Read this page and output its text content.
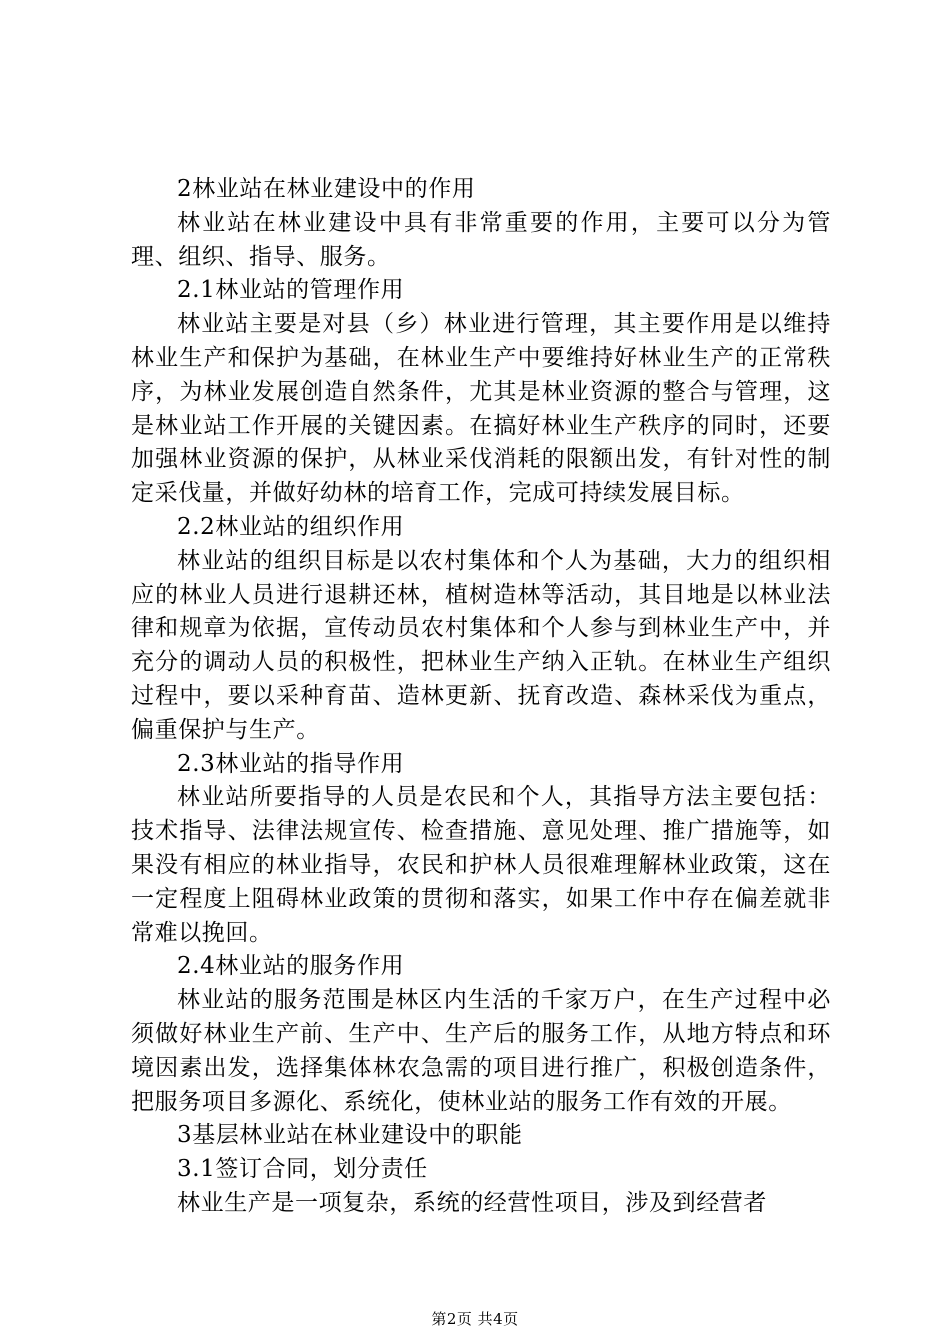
2林业站在林业建设中的作用

林业站在林业建设中具有非常重要的作用，主要可以分为管理、组织、指导、服务。

2.1林业站的管理作用

林业站主要是对县（乡）林业进行管理，其主要作用是以维持林业生产和保护为基础，在林业生产中要维持好林业生产的正常秩序，为林业发展创造自然条件，尤其是林业资源的整合与管理，这是林业站工作开展的关键因素。在搞好林业生产秩序的同时，还要加强林业资源的保护，从林业采伐消耗的限额出发，有针对性的制定采伐量，并做好幼林的培育工作，完成可持续发展目标。

2.2林业站的组织作用

林业站的组织目标是以农村集体和个人为基础，大力的组织相应的林业人员进行退耕还林，植树造林等活动，其目地是以林业法律和规章为依据，宣传动员农村集体和个人参与到林业生产中，并充分的调动人员的积极性，把林业生产纳入正轨。在林业生产组织过程中，要以采种育苗、造林更新、抚育改造、森林采伐为重点，偏重保护与生产。

2.3林业站的指导作用

林业站所要指导的人员是农民和个人，其指导方法主要包括：技术指导、法律法规宣传、检查措施、意见处理、推广措施等，如果没有相应的林业指导，农民和护林人员很难理解林业政策，这在一定程度上阻碍林业政策的贯彻和落实，如果工作中存在偏差就非常难以挽回。

2.4林业站的服务作用

林业站的服务范围是林区内生活的千家万户，在生产过程中必须做好林业生产前、生产中、生产后的服务工作，从地方特点和环境因素出发，选择集体林农急需的项目进行推广，积极创造条件，把服务项目多源化、系统化，使林业站的服务工作有效的开展。

3基层林业站在林业建设中的职能

3.1签订合同，划分责任

林业生产是一项复杂，系统的经营性项目，涉及到经营者

第2页 共4页
